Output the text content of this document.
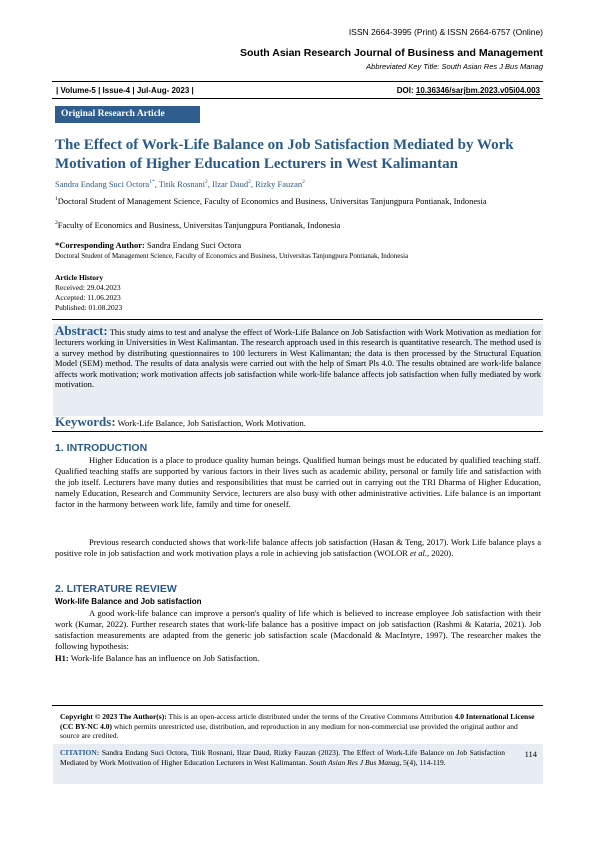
ISSN 2664-3995 (Print) & ISSN 2664-6757 (Online)
South Asian Research Journal of Business and Management
Abbreviated Key Title: South Asian Res J Bus Manag
| Volume-5 | Issue-4 | Jul-Aug- 2023 |	DOI: 10.36346/sarjbm.2023.v05i04.003
Original Research Article
The Effect of Work-Life Balance on Job Satisfaction Mediated by Work Motivation of Higher Education Lecturers in West Kalimantan
Sandra Endang Suci Octora$^{1*}$, Titik Rosnani$^2$, Ilzar Daud$^2$, Rizky Fauzan$^2$
$^1$Doctoral Student of Management Science, Faculty of Economics and Business, Universitas Tanjungpura Pontianak, Indonesia
$^2$Faculty of Economics and Business, Universitas Tanjungpura Pontianak, Indonesia
*Corresponding Author: Sandra Endang Suci Octora
Doctoral Student of Management Science, Faculty of Economics and Business, Universitas Tanjungpura Pontianak, Indonesia
Article History
Received: 29.04.2023
Accepted: 11.06.2023
Published: 01.08.2023
Abstract: This study aims to test and analyse the effect of Work-Life Balance on Job Satisfaction with Work Motivation as mediation for lecturers working in Universities in West Kalimantan. The research approach used in this research is quantitative research. The method used is a survey method by distributing questionnaires to 100 lecturers in West Kalimantan; the data is then processed by the Structural Equation Model (SEM) method. The results of data analysis were carried out with the help of Smart Pls 4.0. The results obtained are work-life balance affects work motivation; work motivation affects job satisfaction while work-life balance affects job satisfaction when fully mediated by work motivation.
Keywords: Work-Life Balance, Job Satisfaction, Work Motivation.
1. INTRODUCTION
Higher Education is a place to produce quality human beings. Qualified human beings must be educated by qualified teaching staff. Qualified teaching staffs are supported by various factors in their lives such as academic ability, personal or family life and satisfaction with the job itself. Lecturers have many duties and responsibilities that must be carried out in carrying out the TRI Dharma of Higher Education, namely Education, Research and Community Service, lecturers are also busy with other administrative activities. Life balance is an important factor in the harmony between work life, family and time for oneself.
Previous research conducted shows that work-life balance affects job satisfaction (Hasan & Teng, 2017). Work Life balance plays a positive role in job satisfaction and work motivation plays a role in achieving job satisfaction (WOLOR et al., 2020).
2. LITERATURE REVIEW
Work-life Balance and Job satisfaction
A good work-life balance can improve a person's quality of life which is believed to increase employee Job satisfaction with their work (Kumar, 2022). Further research states that work-life balance has a positive impact on job satisfaction (Rashmi & Kataria, 2021). Job satisfaction measurements are adapted from the generic job satisfaction scale (Macdonald & MacIntyre, 1997). The researcher makes the following hypothesis:
H1: Work-life Balance has an influence on Job Satisfaction.
Copyright © 2023 The Author(s): This is an open-access article distributed under the terms of the Creative Commons Attribution 4.0 International License (CC BY-NC 4.0) which permits unrestricted use, distribution, and reproduction in any medium for non-commercial use provided the original author and source are credited.
CITATION: Sandra Endang Suci Octora, Titik Rosnani, Ilzar Daud, Rizky Fauzan (2023). The Effect of Work-Life Balance on Job Satisfaction Mediated by Work Motivation of Higher Education Lecturers in West Kalimantan. South Asian Res J Bus Manag, 5(4), 114-119.
114
